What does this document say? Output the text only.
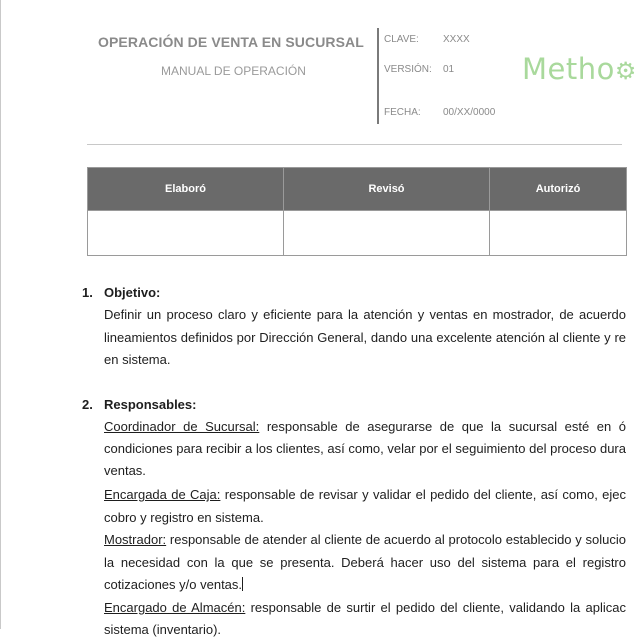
OPERACIÓN DE VENTA EN SUCURSAL
MANUAL DE OPERACIÓN
CLAVE: XXXX
VERSIÓN: 01
FECHA: 00/XX/0000
Metho⚙
Elaboró	Revisó	Autorizó

1. Objetivo:
Definir un proceso claro y eficiente para la atención y ventas en mostrador, de acuerdo
lineamientos definidos por Dirección General, dando una excelente atención al cliente y re
en sistema.
2. Responsables:
Coordinador de Sucursal: responsable de asegurarse de que la sucursal esté en ó
condiciones para recibir a los clientes, así como, velar por el seguimiento del proceso dura
ventas.
Encargada de Caja: responsable de revisar y validar el pedido del cliente, así como, ejec
cobro y registro en sistema.
Mostrador: responsable de atender al cliente de acuerdo al protocolo establecido y solucio
la necesidad con la que se presenta. Deberá hacer uso del sistema para el registro
cotizaciones y/o ventas.
Encargado de Almacén: responsable de surtir el pedido del cliente, validando la aplicac
sistema (inventario).
